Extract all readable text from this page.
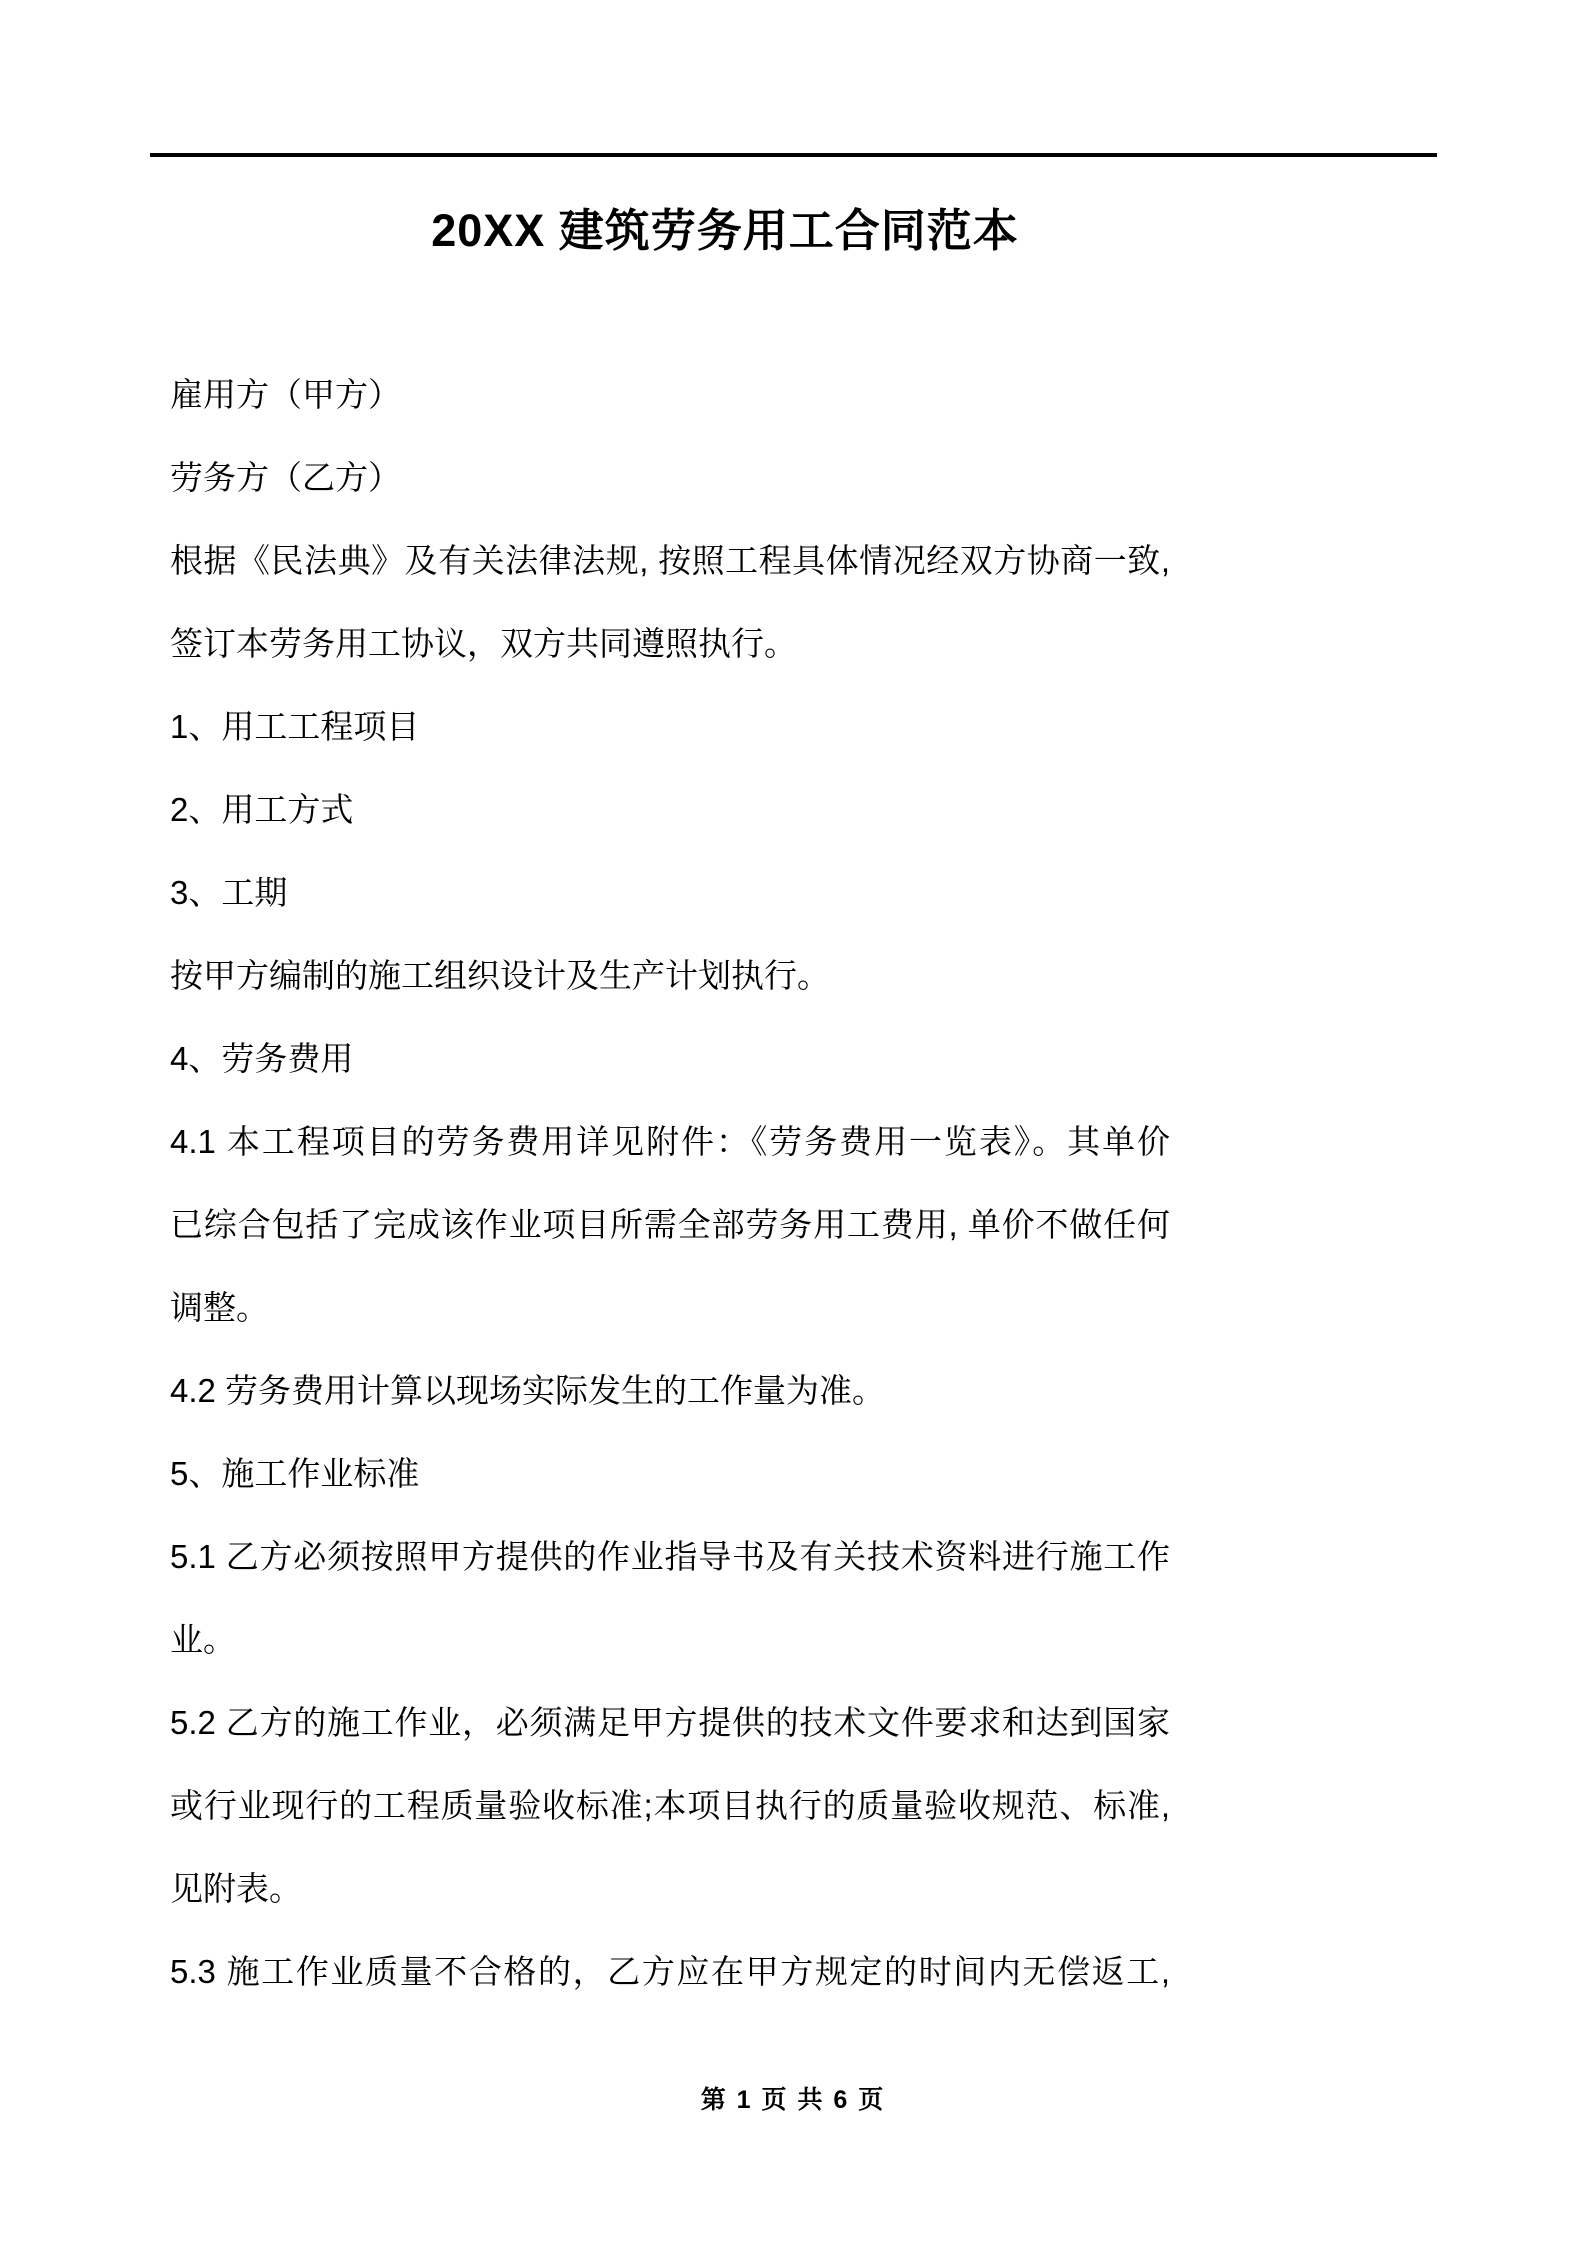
20XX 建筑劳务用工合同范本
雇用方（甲方）
劳务方（乙方）
根据《民法典》及有关法律法规, 按照工程具体情况经双方协商一致,
签订本劳务用工协议，双方共同遵照执行。
1、用工工程项目
2、用工方式
3、工期
按甲方编制的施工组织设计及生产计划执行。
4、劳务费用
4.1 本工程项目的劳务费用详见附件：《劳务费用一览表》。其单价
已综合包括了完成该作业项目所需全部劳务用工费用, 单价不做任何
调整。
4.2 劳务费用计算以现场实际发生的工作量为准。
5、施工作业标准
5.1 乙方必须按照甲方提供的作业指导书及有关技术资料进行施工作
业。
5.2 乙方的施工作业，必须满足甲方提供的技术文件要求和达到国家
或行业现行的工程质量验收标准;本项目执行的质量验收规范、标准,
见附表。
5.3 施工作业质量不合格的，乙方应在甲方规定的时间内无偿返工,
第 1 页 共 6 页
